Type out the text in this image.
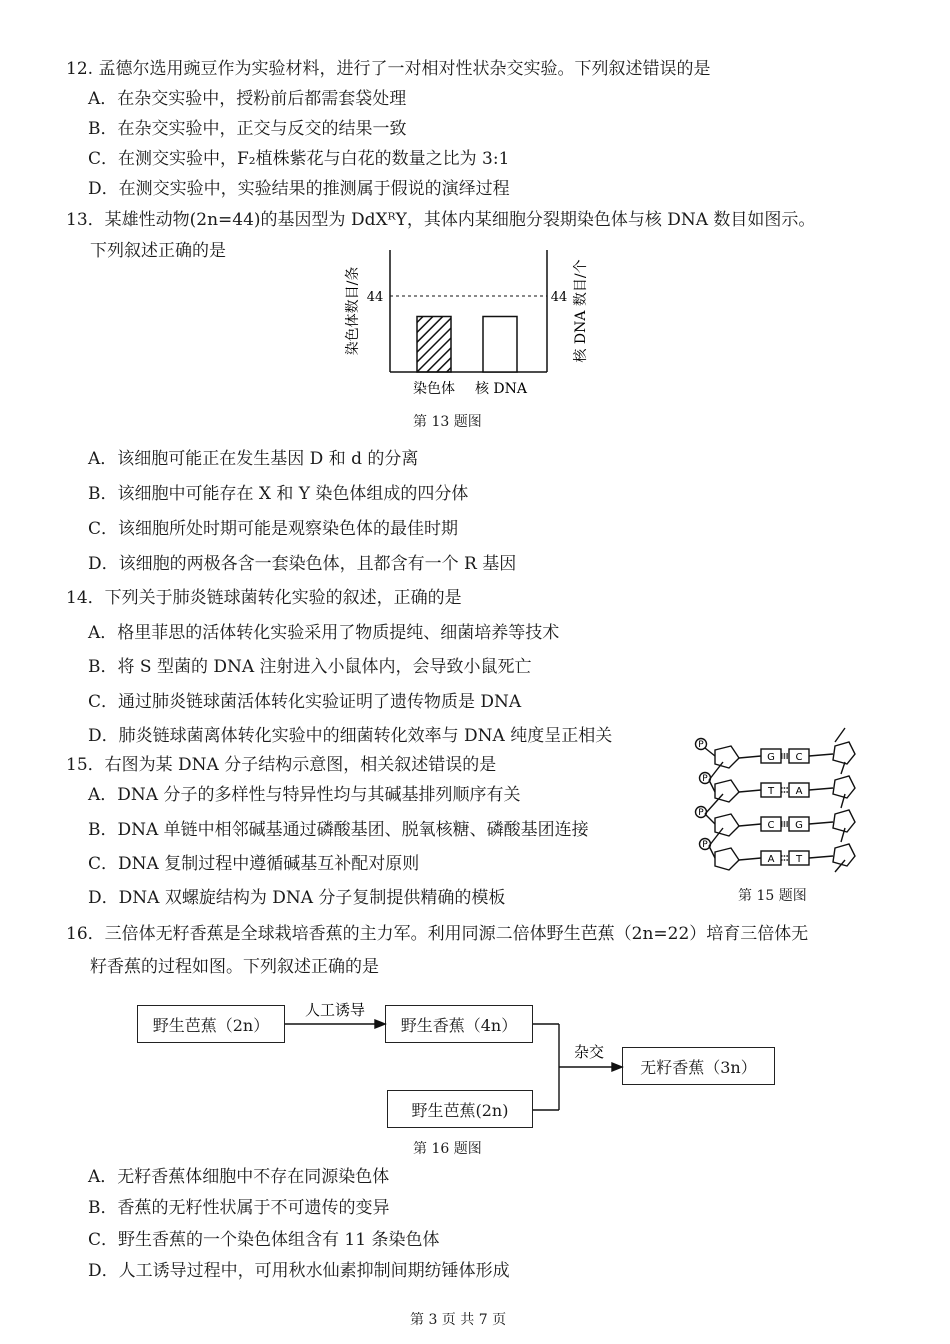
12. 孟德尔选用豌豆作为实验材料，进行了一对相对性状杂交实验。下列叙述错误的是
A．在杂交实验中，授粉前后都需套袋处理
B．在杂交实验中，正交与反交的结果一致
C．在测交实验中，F₂植株紫花与白花的数量之比为 3:1
D．在测交实验中，实验结果的推测属于假说的演绎过程
13．某雄性动物(2n=44)的基因型为 DdXᴿY，其体内某细胞分裂期染色体与核 DNA 数目如图示。
下列叙述正确的是
44	44
染色体数目/条	核 DNA 数目/个
染色体 核 DNA
第 13 题图
A．该细胞可能正在发生基因 D 和 d 的分离
B．该细胞中可能存在 X 和 Y 染色体组成的四分体
C．该细胞所处时期可能是观察染色体的最佳时期
D．该细胞的两极各含一套染色体，且都含有一个 R 基因
14．下列关于肺炎链球菌转化实验的叙述，正确的是
A．格里菲思的活体转化实验采用了物质提纯、细菌培养等技术
B．将 S 型菌的 DNA 注射进入小鼠体内，会导致小鼠死亡
C．通过肺炎链球菌活体转化实验证明了遗传物质是 DNA
D．肺炎链球菌离体转化实验中的细菌转化效率与 DNA 纯度呈正相关
15．右图为某 DNA 分子结构示意图，相关叙述错误的是
A．DNA 分子的多样性与特异性均与其碱基排列顺序有关
B．DNA 单链中相邻碱基通过磷酸基团、脱氧核糖、磷酸基团连接
C．DNA 复制过程中遵循碱基互补配对原则
D．DNA 双螺旋结构为 DNA 分子复制提供精确的模板
P
P
P
P
G C
T A
C G
A T
第 15 题图
16．三倍体无籽香蕉是全球栽培香蕉的主力军。利用同源二倍体野生芭蕉（2n=22）培育三倍体无
籽香蕉的过程如图。下列叙述正确的是
野生芭蕉（2n）	野生香蕉（4n）
野生芭蕉(2n)
无籽香蕉（3n）
人工诱导
杂交
第 16 题图
A．无籽香蕉体细胞中不存在同源染色体
B．香蕉的无籽性状属于不可遗传的变异
C．野生香蕉的一个染色体组含有 11 条染色体
D．人工诱导过程中，可用秋水仙素抑制间期纺锤体形成
第 3 页 共 7 页
